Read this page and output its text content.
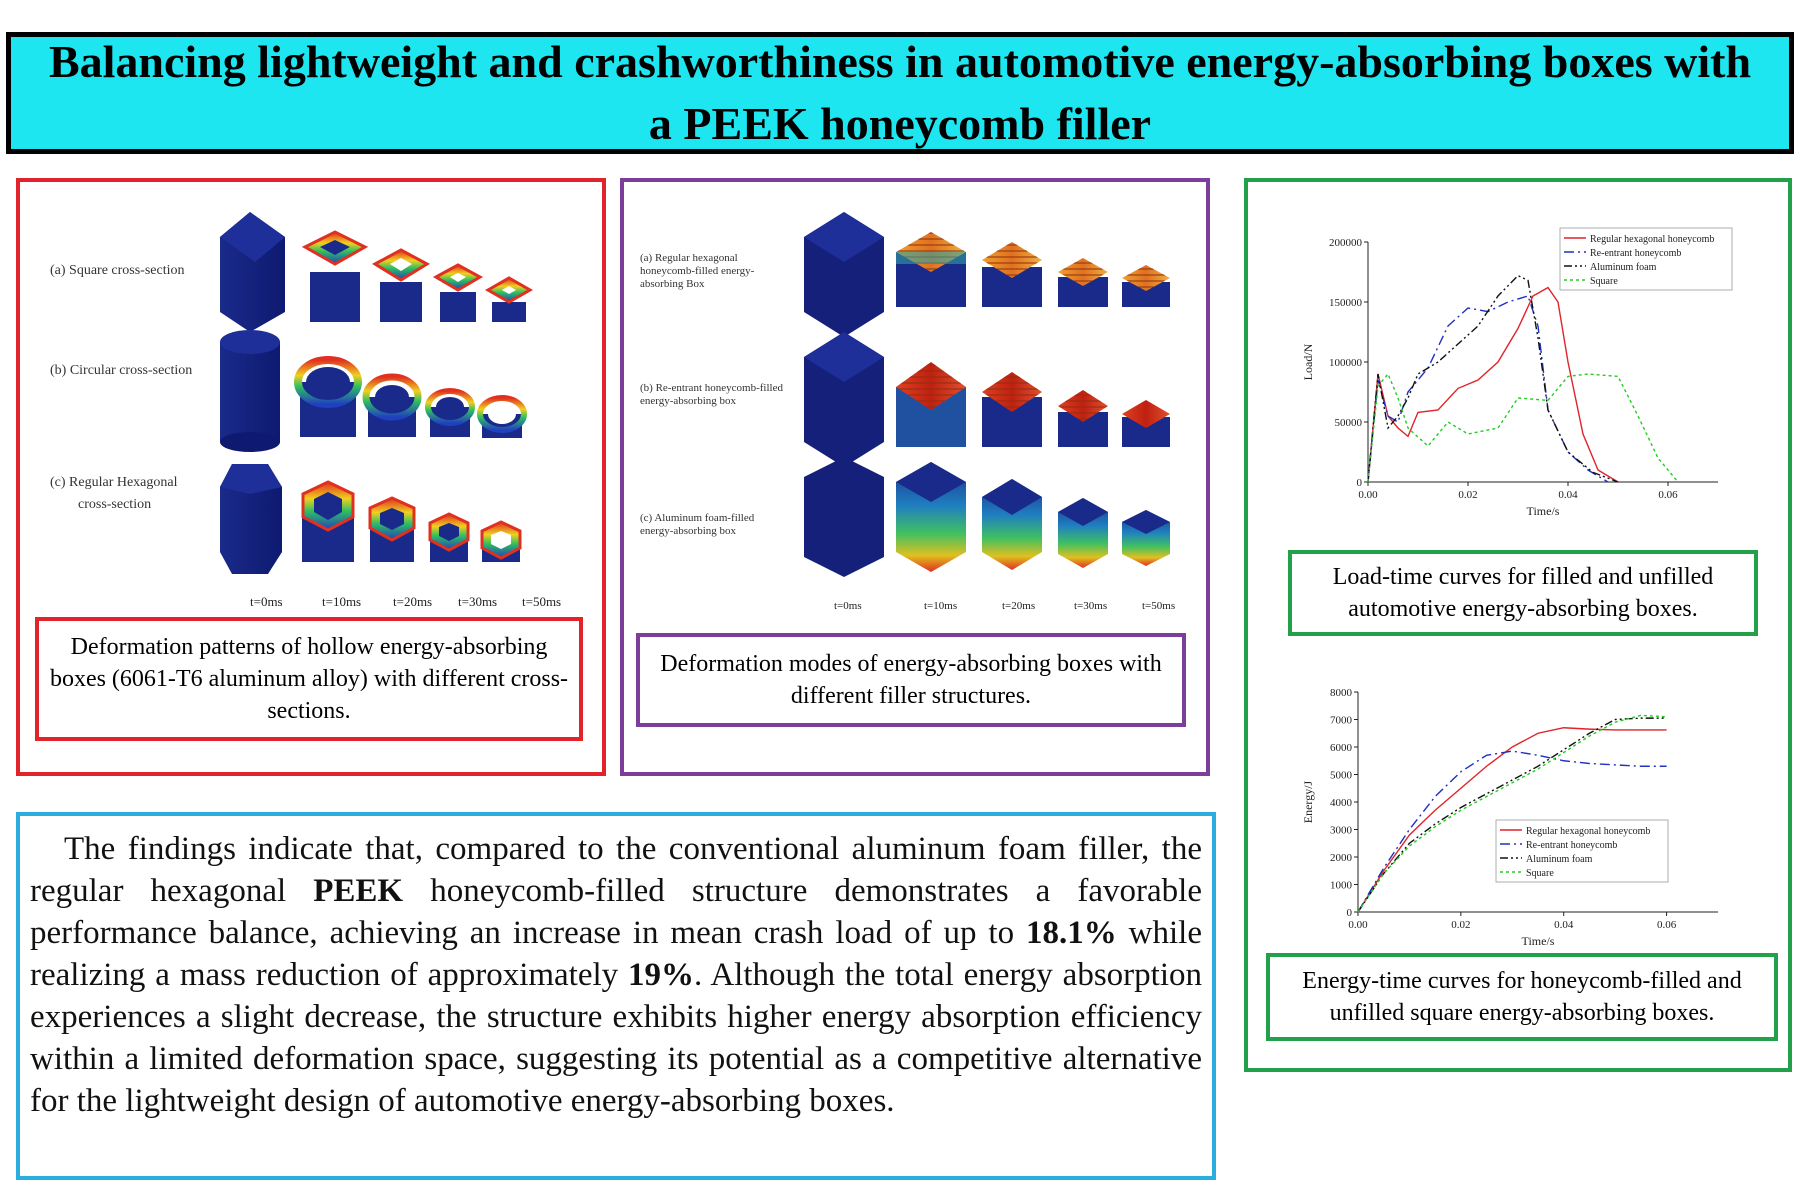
Balancing lightweight and crashworthiness in automotive energy-absorbing boxes with a PEEK honeycomb filler
(a) Square cross-section
(b) Circular cross-section
(c) Regular Hexagonal
cross-section
t=0ms	t=10ms t=20ms t=30ms t=50ms
Deformation patterns of hollow energy-absorbing boxes (6061-T6 aluminum alloy) with different cross-sections.
(a) Regular hexagonal honeycomb-filled energy-absorbing Box
(b) Re-entrant honeycomb-filled energy-absorbing box
(c) Aluminum foam-filled energy-absorbing box
t=0ms	t=10ms	t=20ms	t=30ms	t=50ms
Deformation modes of energy-absorbing boxes with different filler structures.
0
50000
100000
150000
200000
0.00	0.02	0.04	0.06
Time/s
Load/N
Regular hexagonal honeycomb
Re-entrant honeycomb
Aluminum foam
Square
0
1000
2000
3000
4000
5000
6000
7000
8000
0.00	0.02	0.04	0.06
Time/s
Energy/J
Regular hexagonal honeycomb
Re-entrant honeycomb
Aluminum foam
Square
Load-time curves for filled and unfilled automotive energy-absorbing boxes.
Energy-time curves for honeycomb-filled and unfilled square energy-absorbing boxes.
The findings indicate that, compared to the conventional aluminum foam filler, the regular hexagonal PEEK honeycomb-filled structure demonstrates a favorable performance balance, achieving an increase in mean crash load of up to 18.1% while realizing a mass reduction of approximately 19%. Although the total energy absorption experiences a slight decrease, the structure exhibits higher energy absorption efficiency within a limited deformation space, suggesting its potential as a competitive alternative for the lightweight design of automotive energy-absorbing boxes.
